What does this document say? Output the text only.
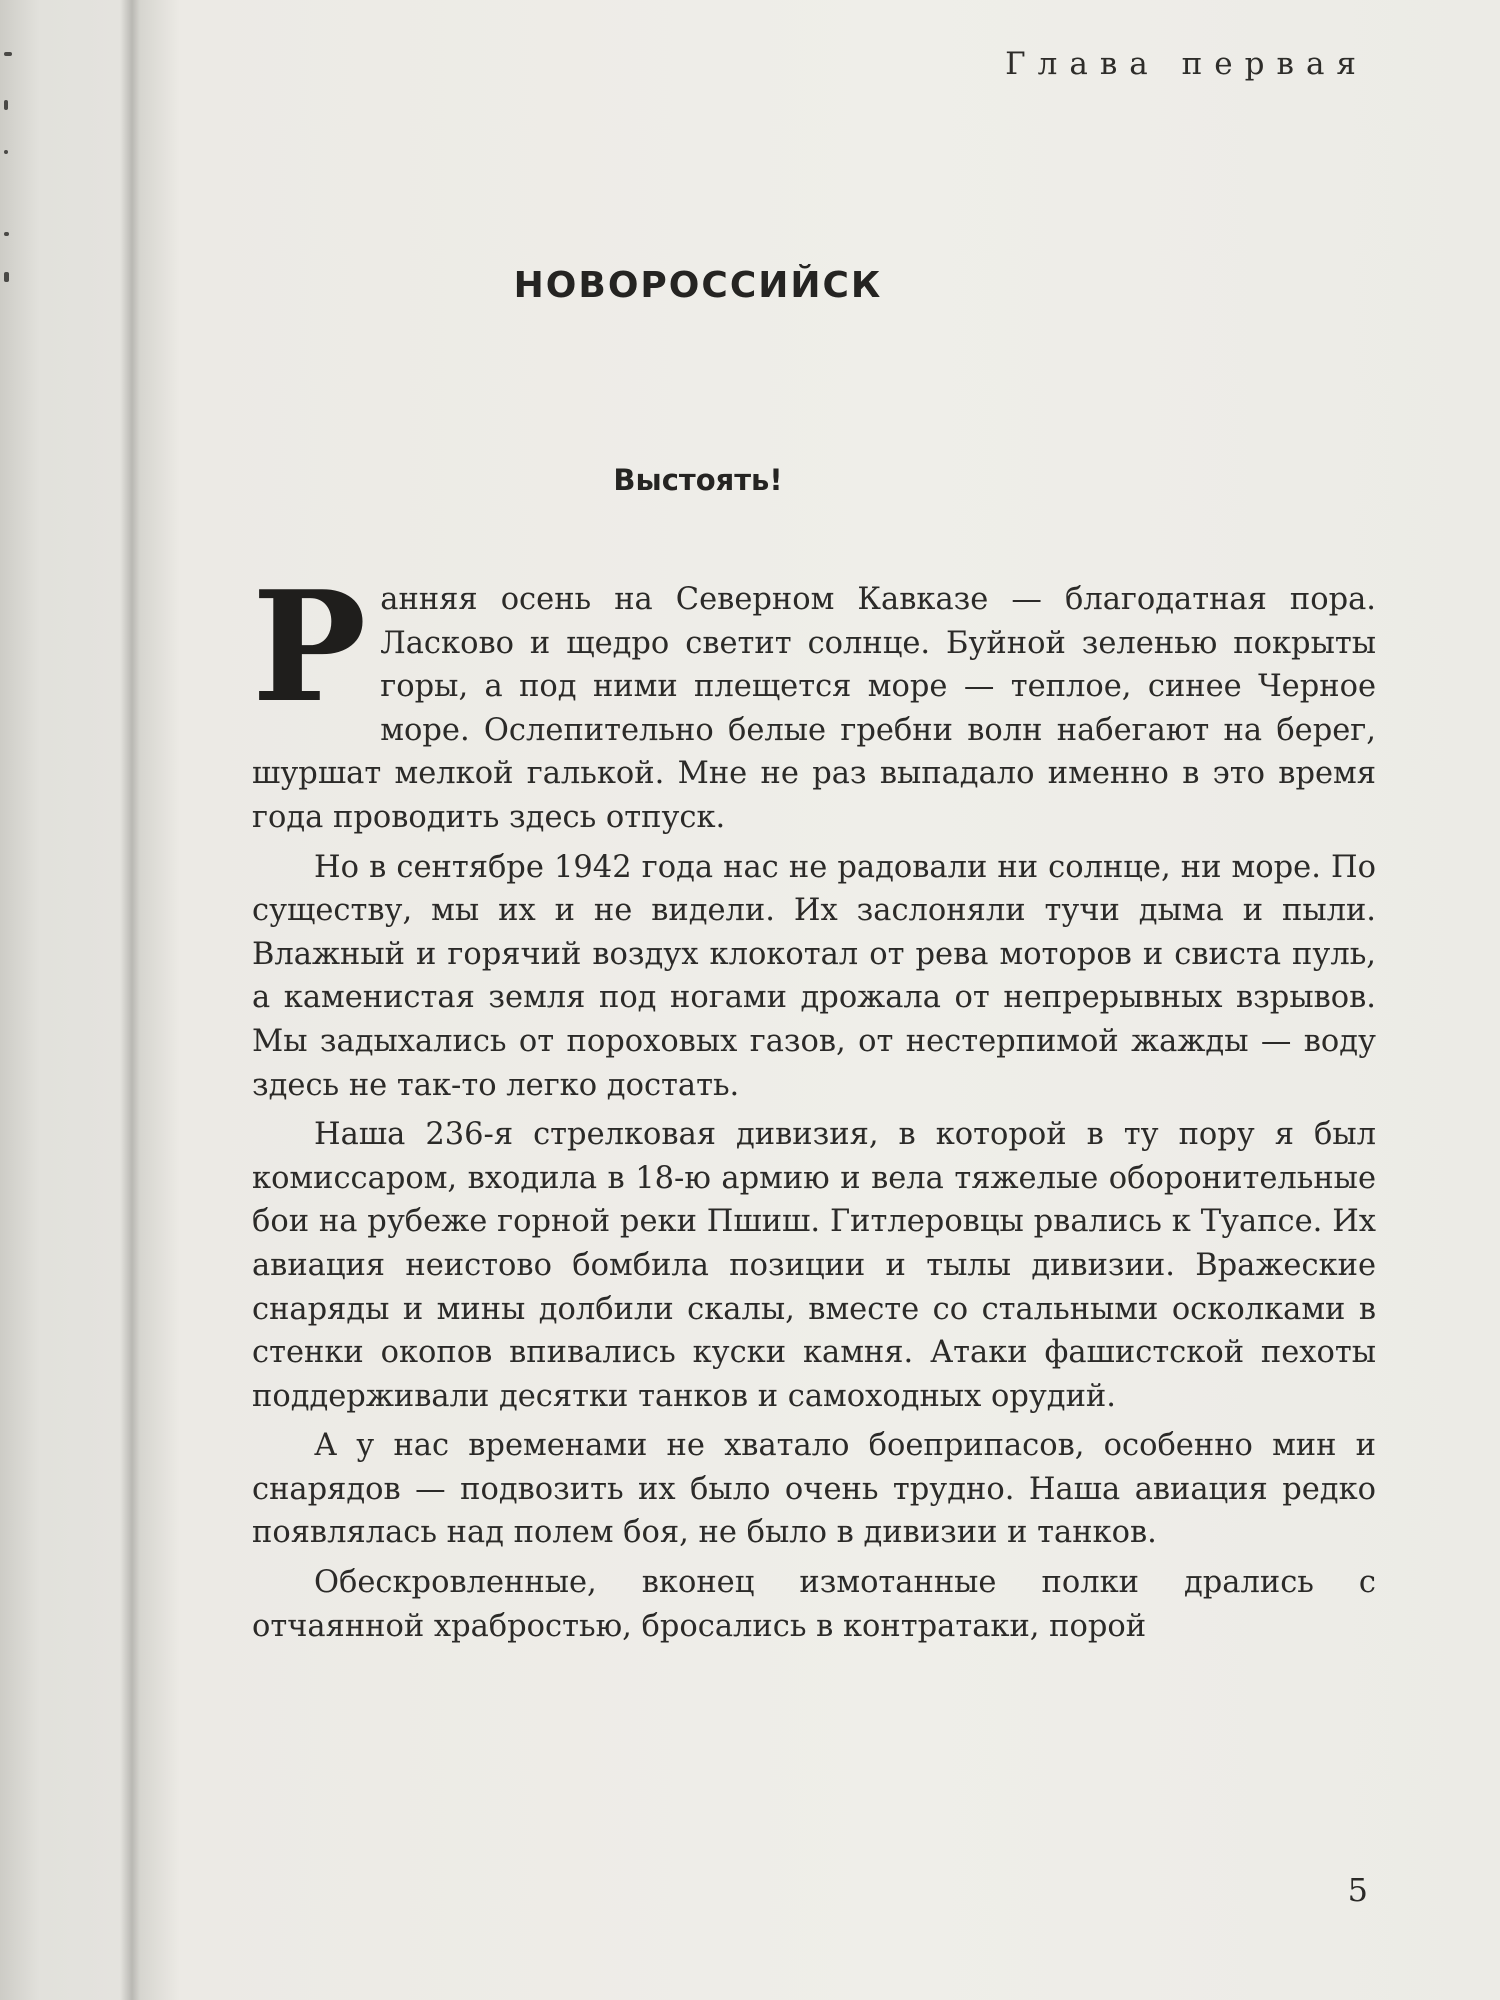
Глава первая
НОВОРОССИЙСК
Выстоять!

Ранняя осень на Северном Кавказе — благодатная пора. Ласково и щедро светит солнце. Буйной зеленью покрыты горы, а под ними плещется море — теплое, синее Черное море. Ослепительно белые гребни волн набегают на берег, шуршат мелкой галькой. Мне не раз выпадало именно в это время года проводить здесь отпуск.

Но в сентябре 1942 года нас не радовали ни солнце, ни море. По существу, мы их и не видели. Их заслоняли тучи дыма и пыли. Влажный и горячий воздух клокотал от рева моторов и свиста пуль, а каменистая земля под ногами дрожала от непрерывных взрывов. Мы задыхались от пороховых газов, от нестерпимой жажды — воду здесь не так-то легко достать.

Наша 236-я стрелковая дивизия, в которой в ту пору я был комиссаром, входила в 18-ю армию и вела тяжелые оборонительные бои на рубеже горной реки Пшиш. Гитлеровцы рвались к Туапсе. Их авиация неистово бомбила позиции и тылы дивизии. Вражеские снаряды и мины долбили скалы, вместе со стальными осколками в стенки окопов впивались куски камня. Атаки фашистской пехоты поддерживали десятки танков и самоходных орудий.

А у нас временами не хватало боеприпасов, особенно мин и снарядов — подвозить их было очень трудно. Наша авиация редко появлялась над полем боя, не было в дивизии и танков.

Обескровленные, вконец измотанные полки дрались с отчаянной храбростью, бросались в контратаки, порой

5
